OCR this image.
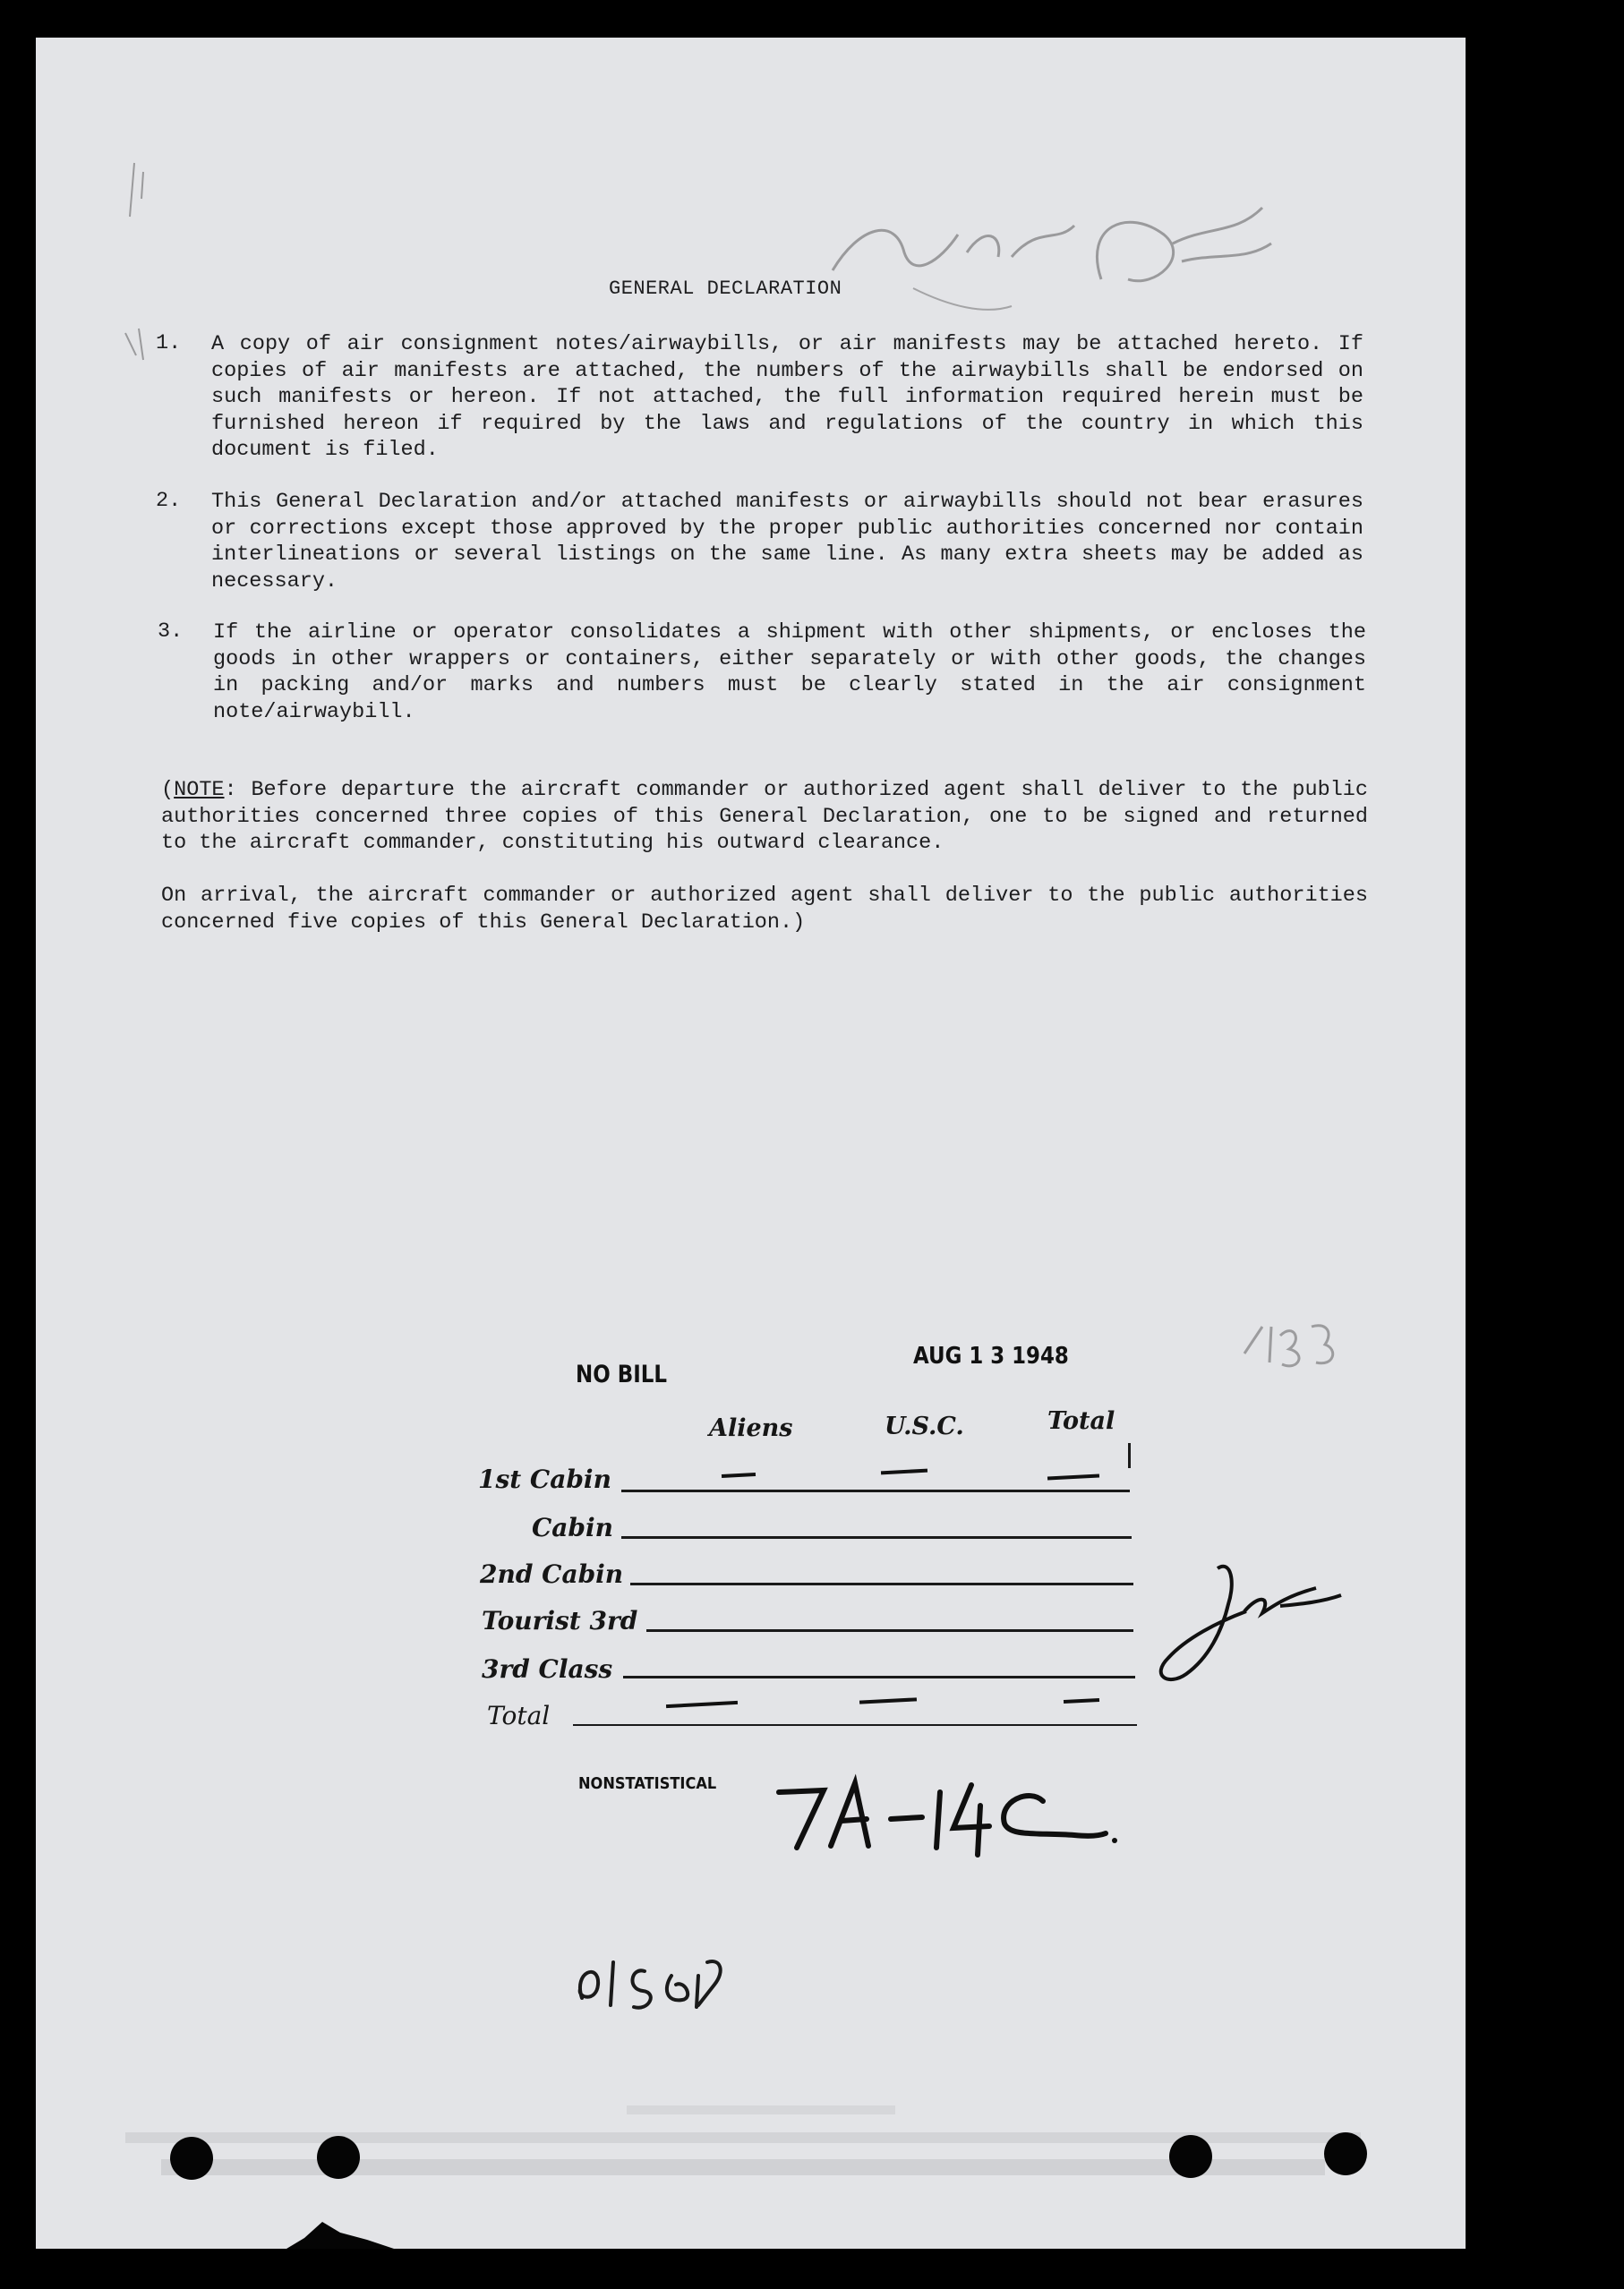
GENERAL DECLARATION
1. A copy of air consignment notes/airwaybills, or air manifests may be attached hereto. If copies of air manifests are attached, the numbers of the airwaybills shall be endorsed on such manifests or hereon. If not attached, the full information required herein must be furnished hereon if required by the laws and regulations of the country in which this document is filed.
2. This General Declaration and/or attached manifests or airwaybills should not bear erasures or corrections except those approved by the proper public authorities concerned nor contain interlineations or several listings on the same line. As many extra sheets may be added as necessary.
3. If the airline or operator consolidates a shipment with other shipments, or encloses the goods in other wrappers or containers, either separately or with other goods, the changes in packing and/or marks and numbers must be clearly stated in the air consignment note/airwaybill.
(NOTE: Before departure the aircraft commander or authorized agent shall deliver to the public authorities concerned three copies of this General Declaration, one to be signed and returned to the aircraft commander, constituting his outward clearance.
On arrival, the aircraft commander or authorized agent shall deliver to the public authorities concerned five copies of this General Declaration.)
NO BILL
AUG 1 3 1948
Aliens	U.S.C.	Total
1st Cabin
Cabin
2nd Cabin
Tourist 3rd
3rd Class
Total
NONSTATISTICAL
7A-14C
SI S2d
